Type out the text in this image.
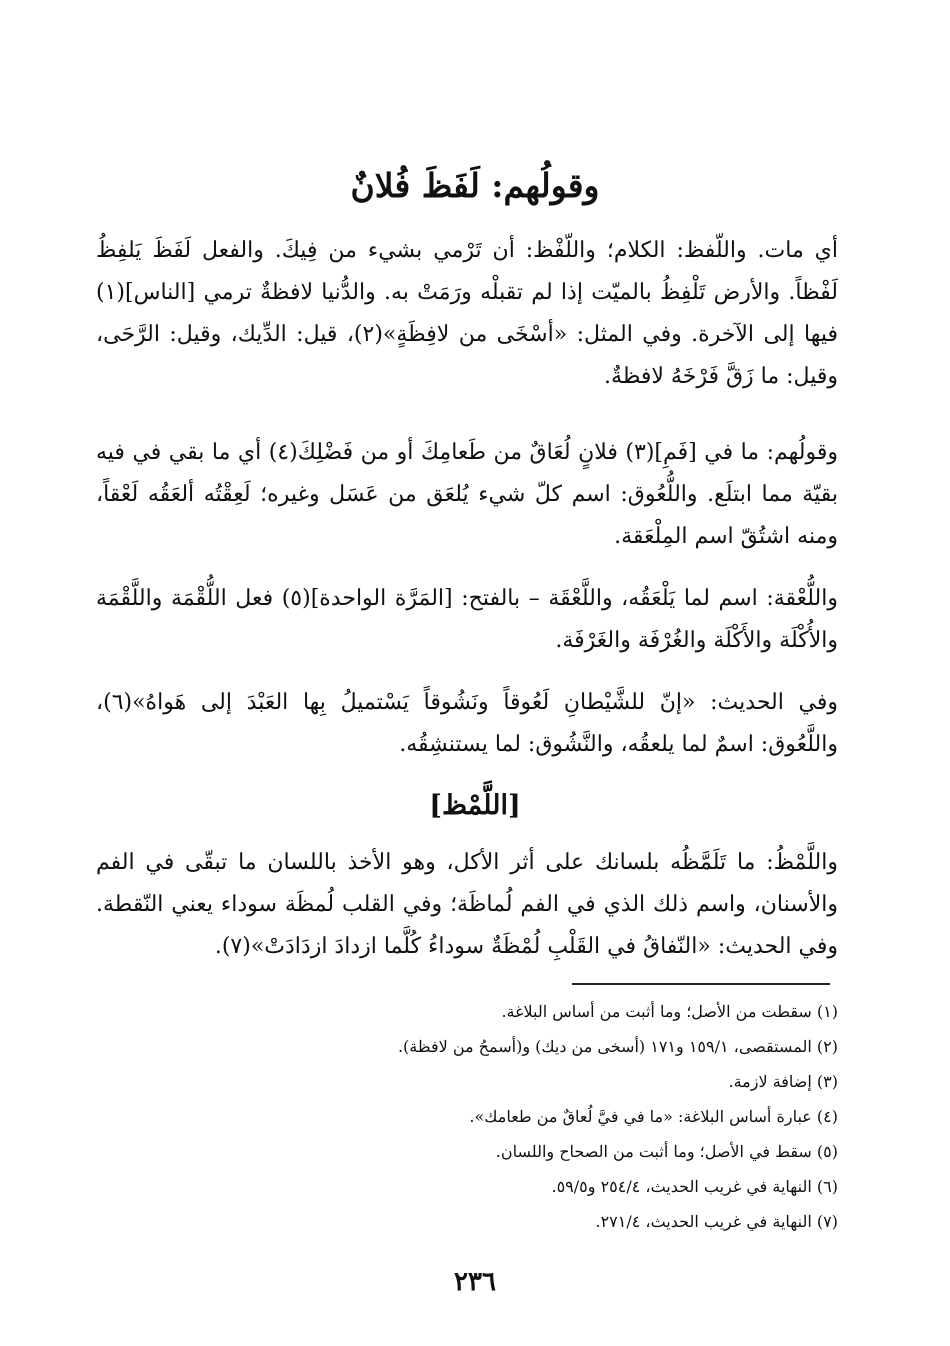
وقولُهم: لَفَظَ فُلانٌ

أي مات. واللّفظ: الكلام؛ واللّفْظ: أن تَرْمي بشيء من فِيكَ. والفعل لَفَظَ يَلفِظُ لَفْظاً. والأرض تَلْفِظُ بالميّت إذا لم تقبلْه ورَمَتْ به. والدُّنيا لافظةٌ ترمي [الناس](١) فيها إلى الآخرة. وفي المثل: «أسْخَى من لافِظَةٍ»(٢)، قيل: الدِّيك، وقيل: الرَّحَى، وقيل: ما زَقَّ فَرْخَهُ لافظةٌ.

وقولُهم: ما في [فَمِ](٣) فلانٍ لُعَاقٌ من طَعامِكَ أو من فَضْلِكَ(٤) أي ما بقي في فيه بقيّة مما ابتلَع. واللُّعُوق: اسم كلّ شيء يُلعَق من عَسَل وغيره؛ لَعِقْتُه ألعَقُه لَعْقاً، ومنه اشتُقّ اسم المِلْعَقة.

واللُّعْقة: اسم لما يَلْعَقُه، واللَّعْقَة – بالفتح: [المَرَّة الواحدة](٥) فعل اللُّقْمَة واللَّقْمَة والأُكْلَة والأَكْلَة والغُرْفَة والغَرْفَة.

وفي الحديث: «إنّ للشَّيْطانِ لَعُوقاً ونَشُوقاً يَسْتميلُ بِها العَبْدَ إلى هَواهُ»(٦)، واللَّعُوق: اسمٌ لما يلعقُه، والنَّشُوق: لما يستنشِقُه.

[اللَّمْظ]

واللَّمْظُ: ما تَلَمَّظُه بلسانك على أثر الأكل، وهو الأخذ باللسان ما تبقّى في الفم والأسنان، واسم ذلك الذي في الفم لُماظَة؛ وفي القلب لُمظَة سوداء يعني النّقطة. وفي الحديث: «النّفاقُ في القَلْبِ لُمْظَةٌ سوداءُ كُلَّما ازدادَ ازدَادَتْ»(٧).

(١) سقطت من الأصل؛ وما أثبت من أساس البلاغة.
(٢) المستقصى، ١٥٩/١ و١٧١ (أسخى من ديك) و(أسمحُ من لافظة).
(٣) إضافة لازمة.
(٤) عبارة أساس البلاغة: «ما في فيَّ لُعاقٌ من طعامك».
(٥) سقط في الأصل؛ وما أثبت من الصحاح واللسان.
(٦) النهاية في غريب الحديث، ٢٥٤/٤ و٥٩/٥.
(٧) النهاية في غريب الحديث، ٢٧١/٤.
٢٣٦
